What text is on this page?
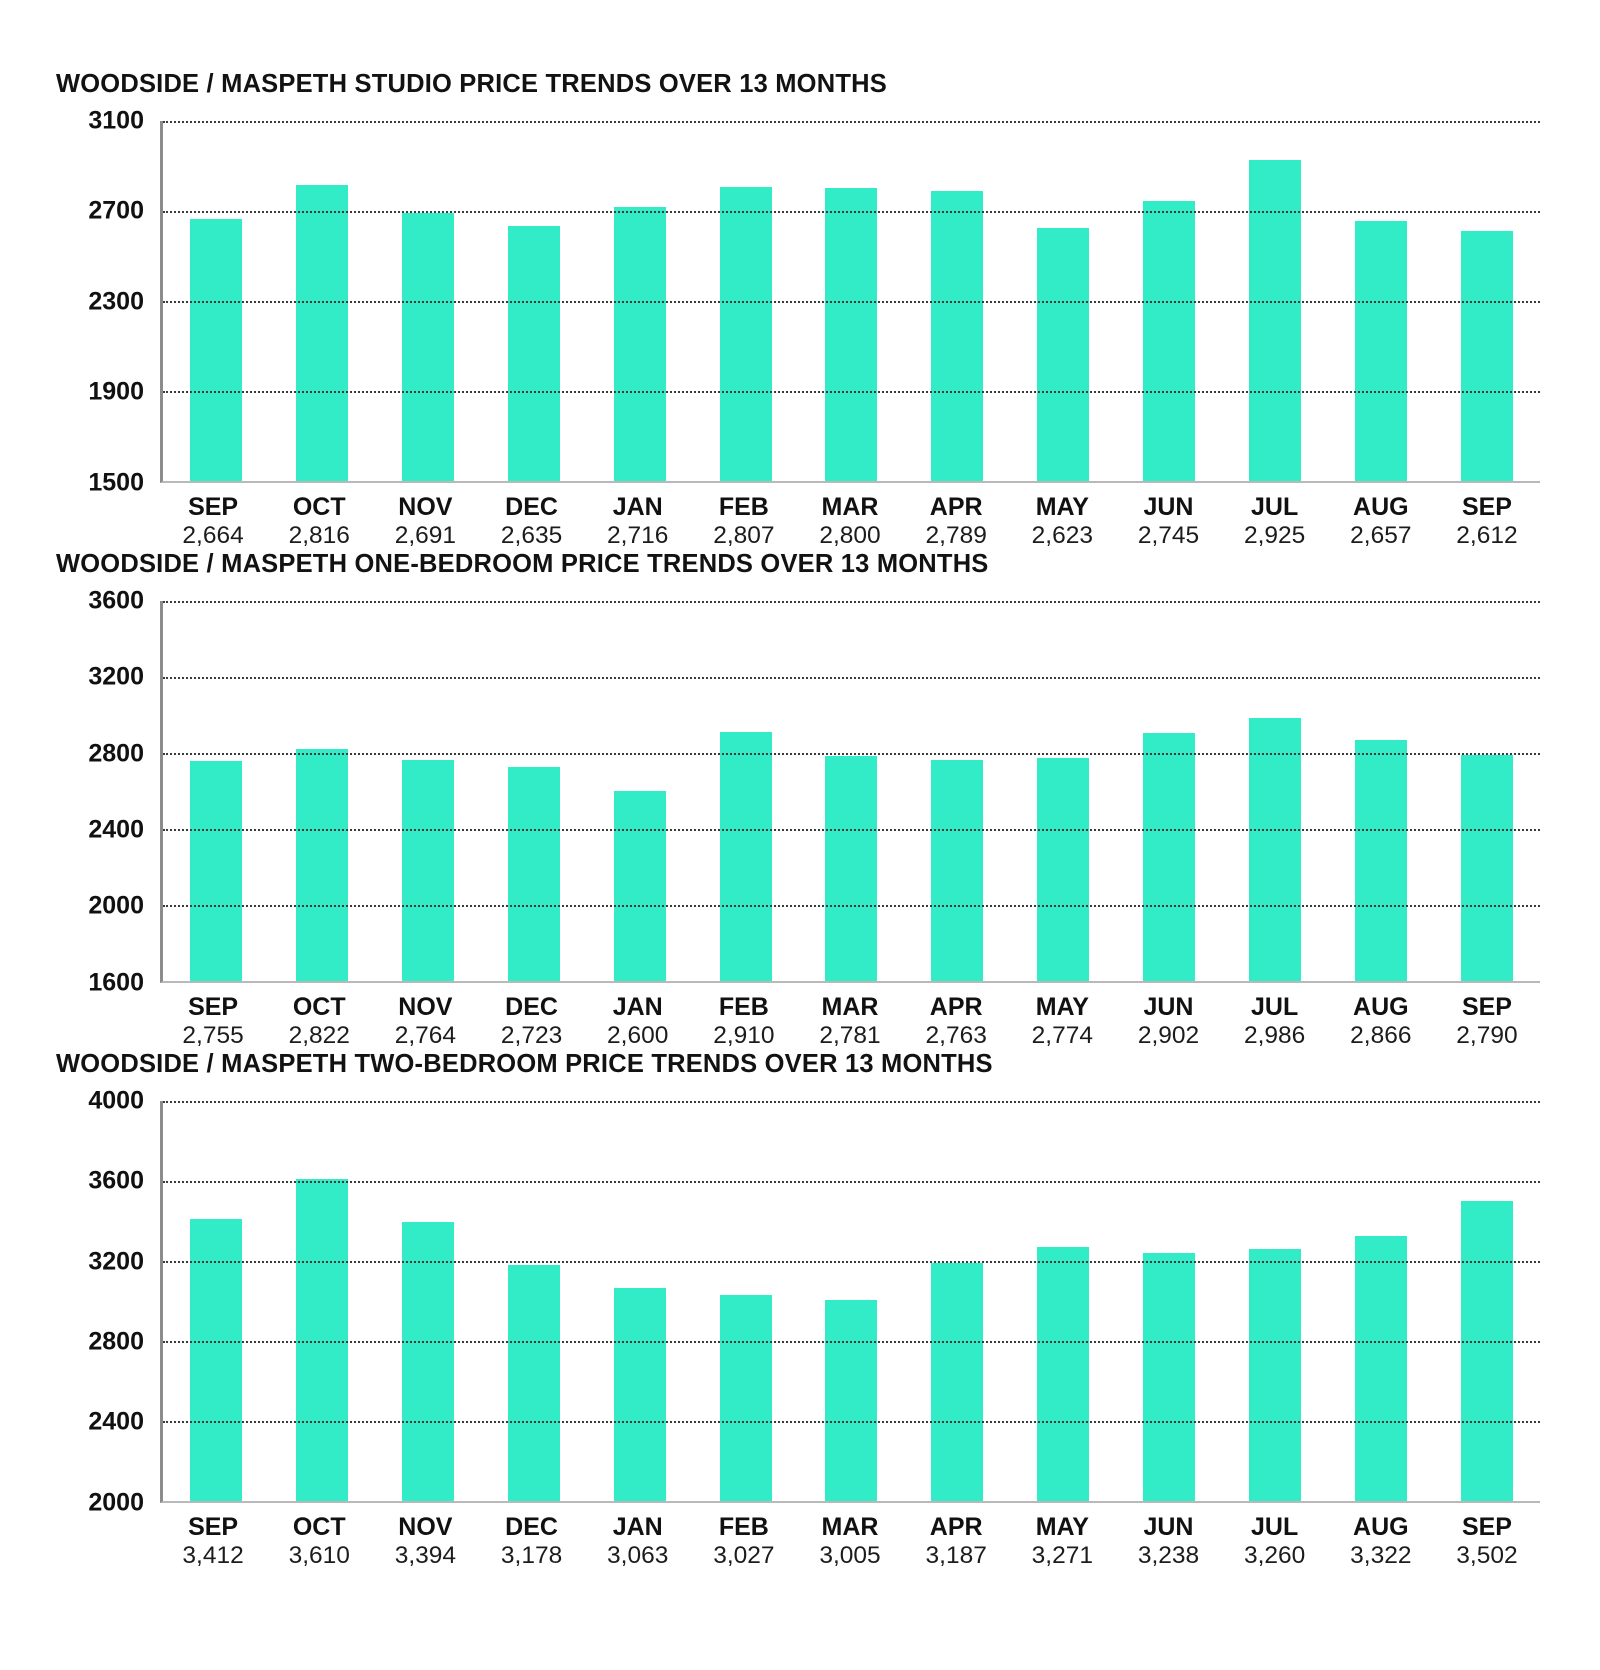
WOODSIDE / MASPETH STUDIO PRICE TRENDS OVER 13 MONTHS
3100
2700
2300
1900
1500
SEP
2,664
OCT
2,816
NOV
2,691
DEC
2,635
JAN
2,716
FEB
2,807
MAR
2,800
APR
2,789
MAY
2,623
JUN
2,745
JUL
2,925
AUG
2,657
SEP
2,612
WOODSIDE / MASPETH ONE-BEDROOM PRICE TRENDS OVER 13 MONTHS
3600
3200
2800
2400
2000
1600
SEP
2,755
OCT
2,822
NOV
2,764
DEC
2,723
JAN
2,600
FEB
2,910
MAR
2,781
APR
2,763
MAY
2,774
JUN
2,902
JUL
2,986
AUG
2,866
SEP
2,790
WOODSIDE / MASPETH TWO-BEDROOM PRICE TRENDS OVER 13 MONTHS
4000
3600
3200
2800
2400
2000
SEP
3,412
OCT
3,610
NOV
3,394
DEC
3,178
JAN
3,063
FEB
3,027
MAR
3,005
APR
3,187
MAY
3,271
JUN
3,238
JUL
3,260
AUG
3,322
SEP
3,502
